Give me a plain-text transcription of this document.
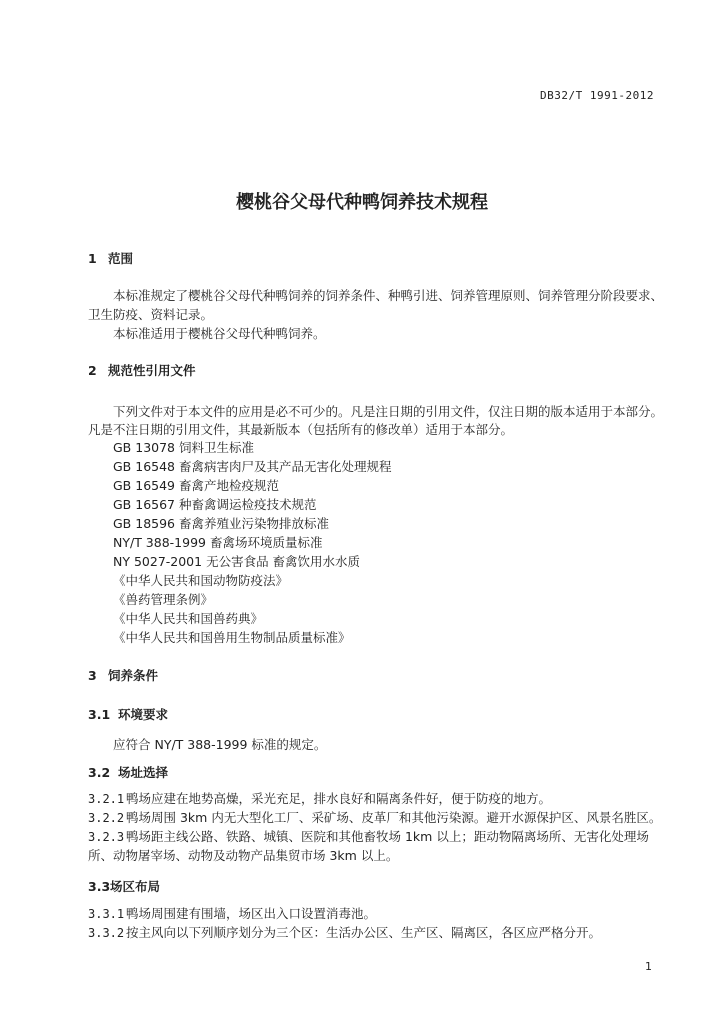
DB32/T 1991-2012
樱桃谷父母代种鸭饲养技术规程
1 范围
本标准规定了樱桃谷父母代种鸭饲养的饲养条件、种鸭引进、饲养管理原则、饲养管理分阶段要求、
卫生防疫、资料记录。
本标准适用于樱桃谷父母代种鸭饲养。
2 规范性引用文件
下列文件对于本文件的应用是必不可少的。凡是注日期的引用文件，仅注日期的版本适用于本部分。
凡是不注日期的引用文件，其最新版本（包括所有的修改单）适用于本部分。
GB 13078 饲料卫生标准
GB 16548 畜禽病害肉尸及其产品无害化处理规程
GB 16549 畜禽产地检疫规范
GB 16567 种畜禽调运检疫技术规范
GB 18596 畜禽养殖业污染物排放标准
NY/T 388-1999 畜禽场环境质量标准
NY 5027-2001 无公害食品 畜禽饮用水水质
《中华人民共和国动物防疫法》
《兽药管理条例》
《中华人民共和国兽药典》
《中华人民共和国兽用生物制品质量标准》
3 饲养条件
3.1 环境要求
应符合 NY/T 388-1999 标准的规定。
3.2 场址选择
3.2.1 鸭场应建在地势高燥，采光充足，排水良好和隔离条件好，便于防疫的地方。
3.2.2 鸭场周围 3km 内无大型化工厂、采矿场、皮革厂和其他污染源。避开水源保护区、风景名胜区。
3.2.3 鸭场距主线公路、铁路、城镇、医院和其他畜牧场 1km 以上；距动物隔离场所、无害化处理场
所、动物屠宰场、动物及动物产品集贸市场 3km 以上。
3.3场区布局
3.3.1 鸭场周围建有围墙，场区出入口设置消毒池。
3.3.2 按主风向以下列顺序划分为三个区：生活办公区、生产区、隔离区，各区应严格分开。
1
